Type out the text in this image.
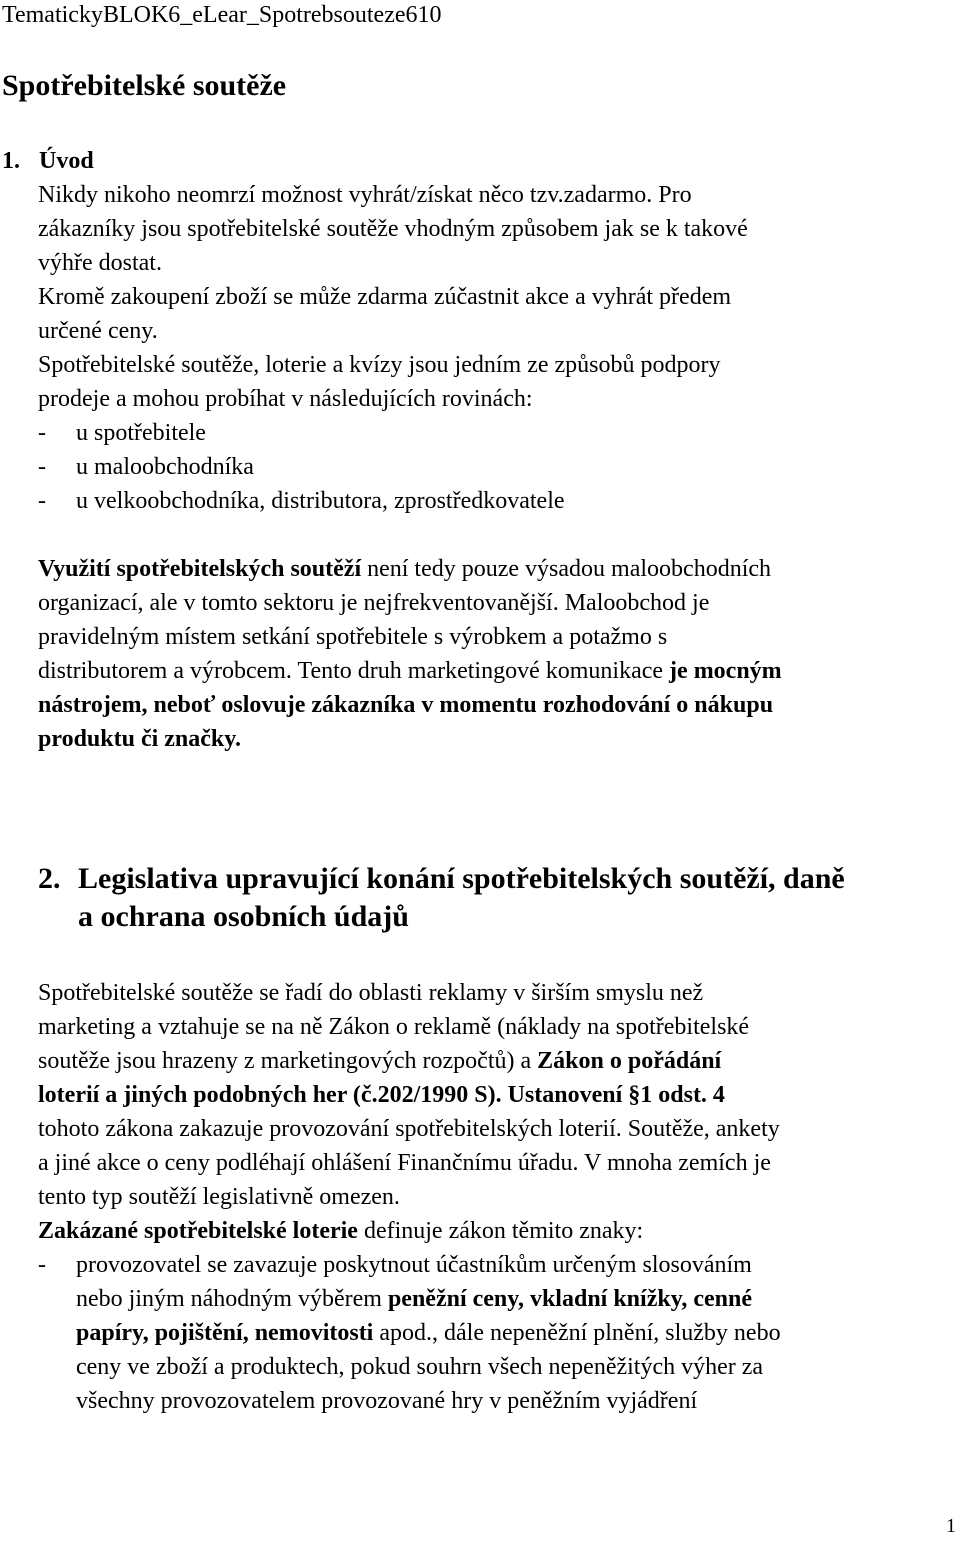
TematickyBLOK6_eLear_Spotrebsouteze610
Spotřebitelské soutěže
1. Úvod
Nikdy nikoho neomrzí možnost vyhrát/získat něco tzv.zadarmo. Pro
zákazníky jsou spotřebitelské soutěže vhodným způsobem jak se k takové
výhře dostat.
Kromě zakoupení zboží se může zdarma zúčastnit akce a vyhrát předem
určené ceny.
Spotřebitelské soutěže, loterie a kvízy jsou jedním ze způsobů podpory
prodeje a mohou probíhat v následujících rovinách:
- u spotřebitele
- u maloobchodníka
- u velkoobchodníka, distributora, zprostředkovatele
Využití spotřebitelských soutěží není tedy pouze výsadou maloobchodních
organizací, ale v tomto sektoru je nejfrekventovanější. Maloobchod je
pravidelným místem setkání spotřebitele s výrobkem a potažmo s
distributorem a výrobcem. Tento druh marketingové komunikace je mocným
nástrojem, neboť oslovuje zákazníka v momentu rozhodování o nákupu
produktu či značky.
2. Legislativa upravující konání spotřebitelských soutěží, daně
a ochrana osobních údajů
Spotřebitelské soutěže se řadí do oblasti reklamy v širším smyslu než
marketing a vztahuje se na ně Zákon o reklamě (náklady na spotřebitelské
soutěže jsou hrazeny z marketingových rozpočtů) a Zákon o pořádání
loterií a jiných podobných her (č.202/1990 S). Ustanovení §1 odst. 4
tohoto zákona zakazuje provozování spotřebitelských loterií. Soutěže, ankety
a jiné akce o ceny podléhají ohlášení Finančnímu úřadu. V mnoha zemích je
tento typ soutěží legislativně omezen.
Zakázané spotřebitelské loterie definuje zákon těmito znaky:
- provozovatel se zavazuje poskytnout účastníkům určeným slosováním
nebo jiným náhodným výběrem peněžní ceny, vkladní knížky, cenné
papíry, pojištění, nemovitosti apod., dále nepeněžní plnění, služby nebo
ceny ve zboží a produktech, pokud souhrn všech nepeněžitých výher za
všechny provozovatelem provozované hry v peněžním vyjádření
1
